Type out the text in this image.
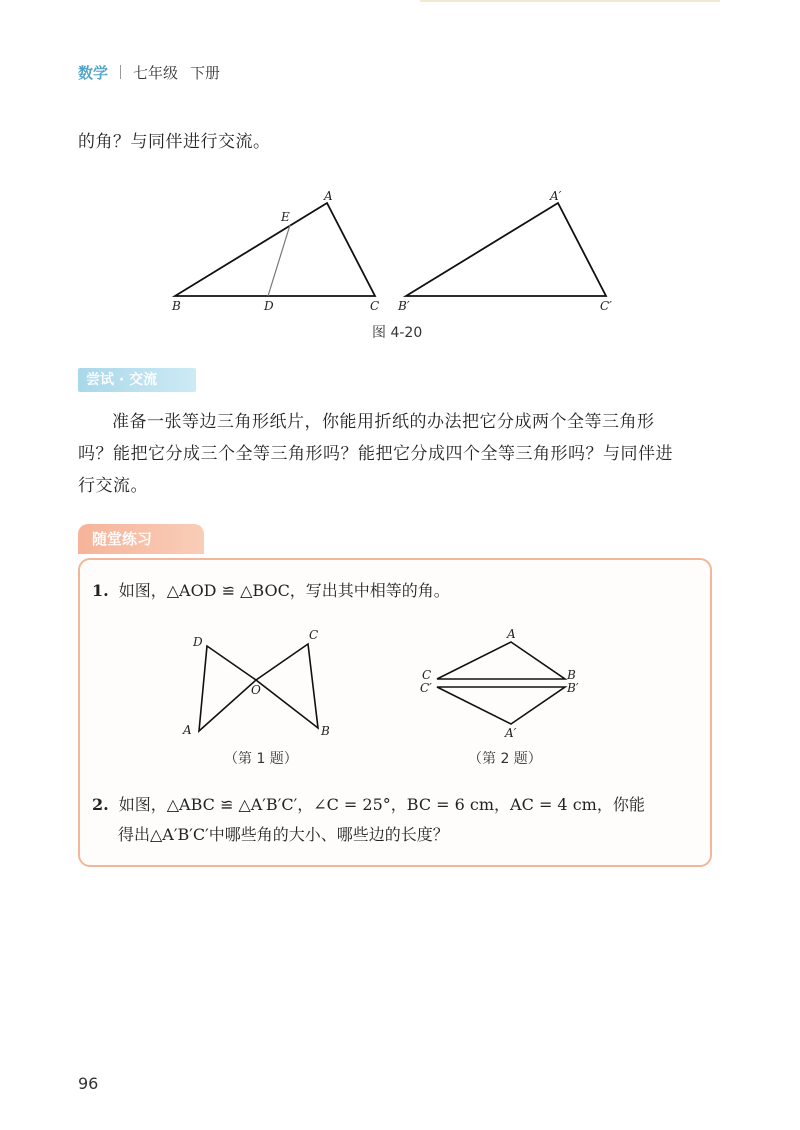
数学 七年级 下册
的角？与同伴进行交流。
A
E
B	D	C
A′
B′	C′
图 4-20
尝试 · 交流
准备一张等边三角形纸片，你能用折纸的办法把它分成两个全等三角形
吗？能把它分成三个全等三角形吗？能把它分成四个全等三角形吗？与同伴进
行交流。
随堂练习
1. 如图，△AOD ≌ △BOC，写出其中相等的角。
D	C
O
A	B
（第 1 题）
A
C	B
C′	B′
A′
（第 2 题）
2. 如图，△ABC ≌ △A′B′C′，∠C = 25°，BC = 6 cm，AC = 4 cm，你能
得出△A′B′C′中哪些角的大小、哪些边的长度？
96
